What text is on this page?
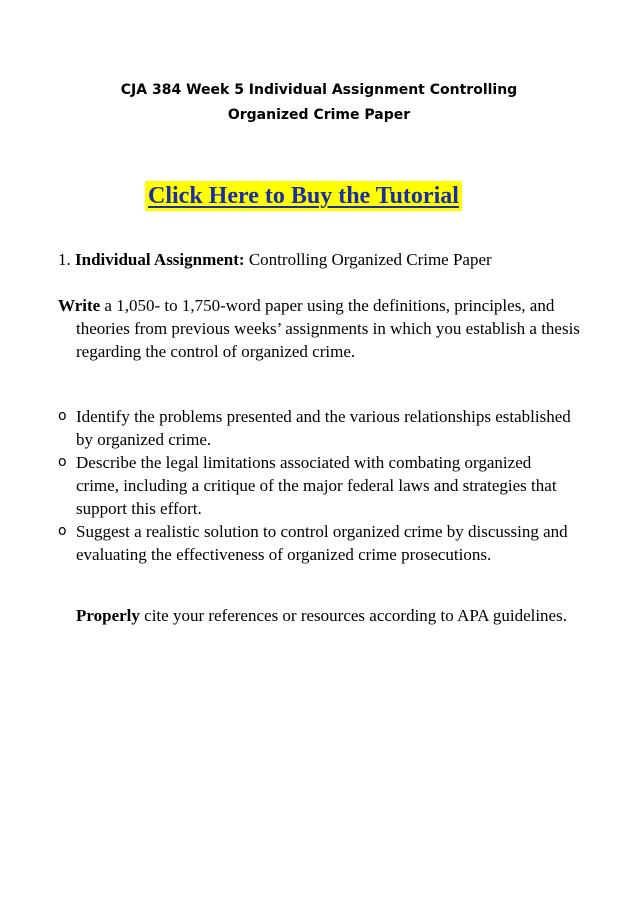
CJA 384 Week 5 Individual Assignment Controlling
Organized Crime Paper
Click Here to Buy the Tutorial
1. Individual Assignment: Controlling Organized Crime Paper
Write a 1,050- to 1,750-word paper using the definitions, principles, and theories from previous weeks’ assignments in which you establish a thesis regarding the control of organized crime.
o Identify the problems presented and the various relationships established by organized crime.
o Describe the legal limitations associated with combating organized crime, including a critique of the major federal laws and strategies that support this effort.
o Suggest a realistic solution to control organized crime by discussing and evaluating the effectiveness of organized crime prosecutions.
Properly cite your references or resources according to APA guidelines.
